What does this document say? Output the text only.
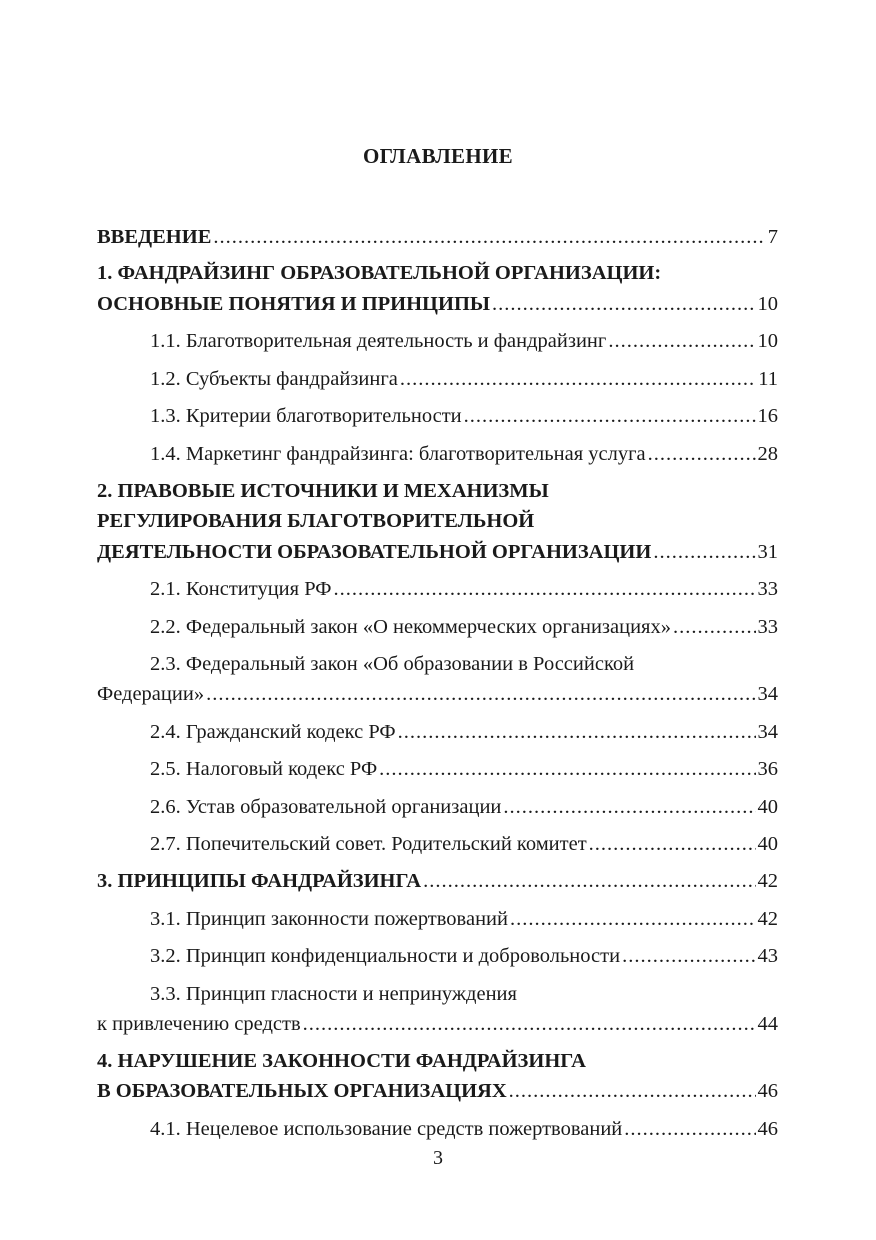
ОГЛАВЛЕНИЕ
ВВЕДЕНИЕ .....	7
1. ФАНДРАЙЗИНГ ОБРАЗОВАТЕЛЬНОЙ ОРГАНИЗАЦИИ:
ОСНОВНЫЕ ПОНЯТИЯ И ПРИНЦИПЫ .....	10
1.1. Благотворительная деятельность и фандрайзинг .....	10
1.2. Субъекты фандрайзинга .....	11
1.3. Критерии благотворительности .....	16
1.4. Маркетинг фандрайзинга: благотворительная услуга .....	28
2. ПРАВОВЫЕ ИСТОЧНИКИ И МЕХАНИЗМЫ
РЕГУЛИРОВАНИЯ БЛАГОТВОРИТЕЛЬНОЙ
ДЕЯТЕЛЬНОСТИ ОБРАЗОВАТЕЛЬНОЙ ОРГАНИЗАЦИИ .....	31
2.1. Конституция РФ .....	33
2.2. Федеральный закон «О некоммерческих организациях» .....	33
2.3. Федеральный закон «Об образовании в Российской
Федерации» .....	34
2.4. Гражданский кодекс РФ .....	34
2.5. Налоговый кодекс РФ .....	36
2.6. Устав образовательной организации .....	40
2.7. Попечительский совет. Родительский комитет .....	40
3. ПРИНЦИПЫ ФАНДРАЙЗИНГА .....	42
3.1. Принцип законности пожертвований .....	42
3.2. Принцип конфиденциальности и добровольности .....	43
3.3. Принцип гласности и непринуждения
к привлечению средств .....	44
4. НАРУШЕНИЕ ЗАКОННОСТИ ФАНДРАЙЗИНГА
В ОБРАЗОВАТЕЛЬНЫХ ОРГАНИЗАЦИЯХ .....	46
4.1. Нецелевое использование средств пожертвований .....	46
3
